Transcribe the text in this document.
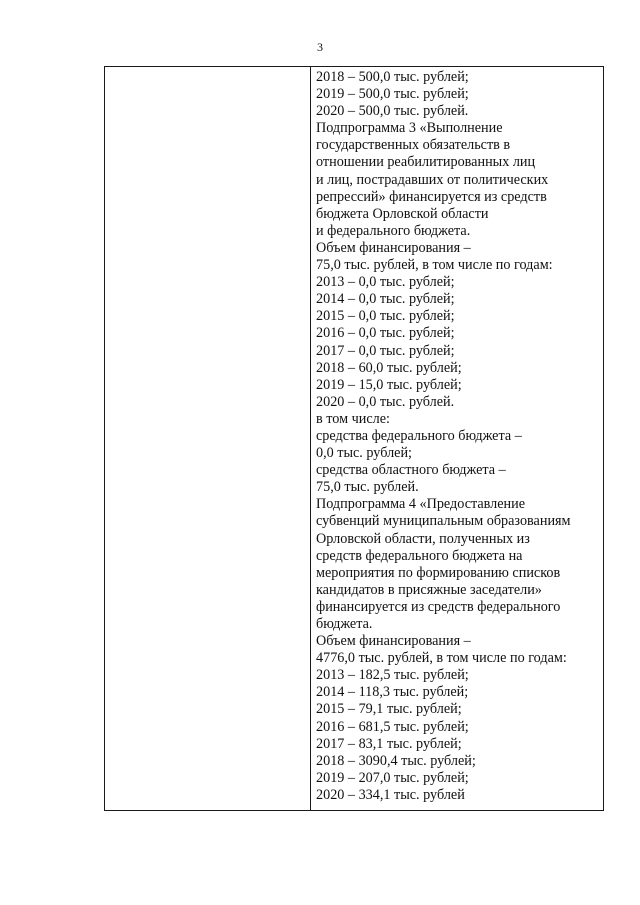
3
2018 – 500,0 тыс. рублей;
2019 – 500,0 тыс. рублей;
2020 – 500,0 тыс. рублей.
Подпрограмма 3 «Выполнение
государственных обязательств в
отношении реабилитированных лиц
и лиц, пострадавших от политических
репрессий» финансируется из средств
бюджета Орловской области
и федерального бюджета.
Объем финансирования –
75,0 тыс. рублей, в том числе по годам:
2013 – 0,0 тыс. рублей;
2014 – 0,0 тыс. рублей;
2015 – 0,0 тыс. рублей;
2016 – 0,0 тыс. рублей;
2017 – 0,0 тыс. рублей;
2018 – 60,0 тыс. рублей;
2019 – 15,0 тыс. рублей;
2020 – 0,0 тыс. рублей.
в том числе:
средства федерального бюджета –
0,0 тыс. рублей;
средства областного бюджета –
75,0 тыс. рублей.
Подпрограмма 4 «Предоставление
субвенций муниципальным образованиям
Орловской области, полученных из
средств федерального бюджета на
мероприятия по формированию списков
кандидатов в присяжные заседатели»
финансируется из средств федерального
бюджета.
Объем финансирования –
4776,0 тыс. рублей, в том числе по годам:
2013 – 182,5 тыс. рублей;
2014 – 118,3 тыс. рублей;
2015 – 79,1 тыс. рублей;
2016 – 681,5 тыс. рублей;
2017 – 83,1 тыс. рублей;
2018 – 3090,4 тыс. рублей;
2019 – 207,0 тыс. рублей;
2020 – 334,1 тыс. рублей
